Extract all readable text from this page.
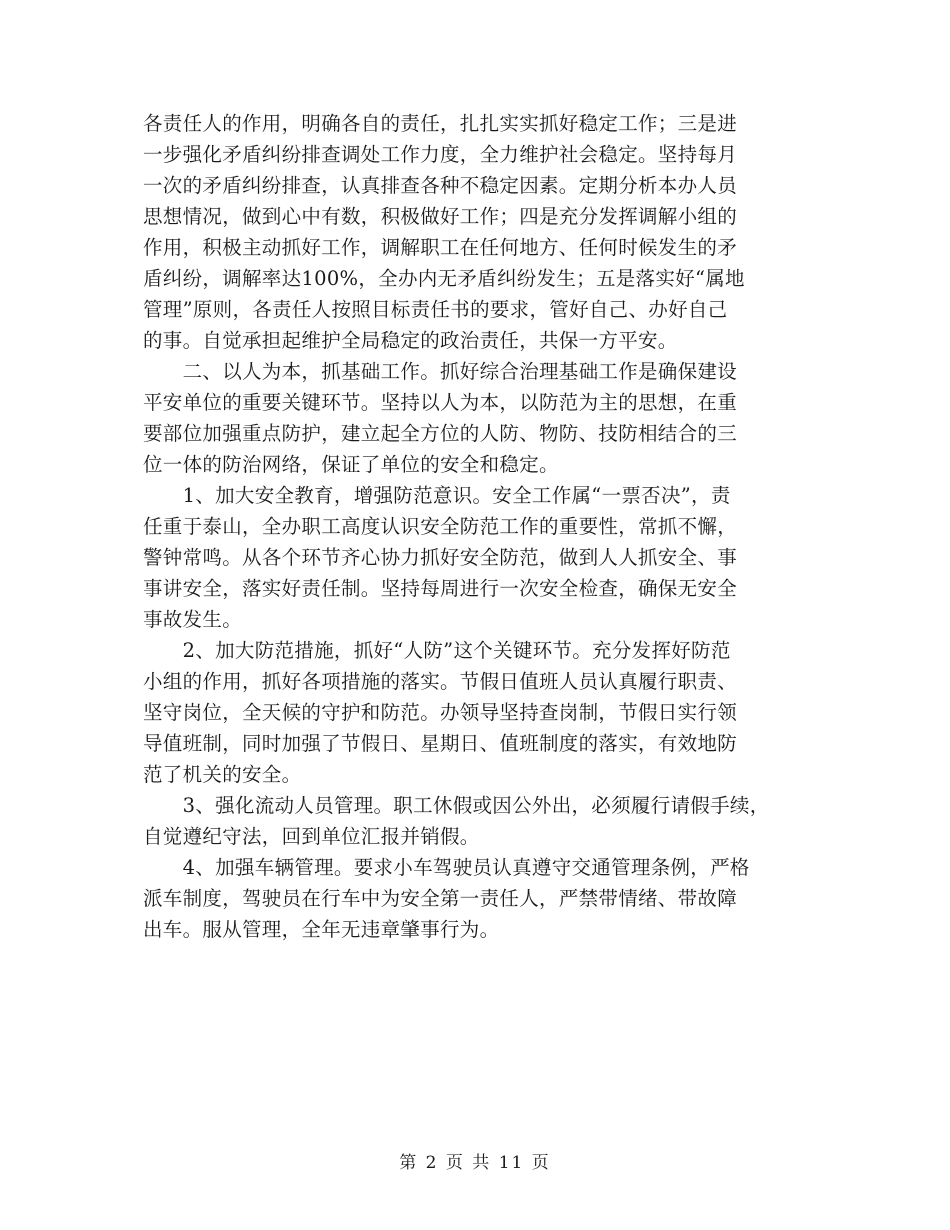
各责任人的作用，明确各自的责任，扎扎实实抓好稳定工作；三是进
一步强化矛盾纠纷排查调处工作力度，全力维护社会稳定。坚持每月
一次的矛盾纠纷排查，认真排查各种不稳定因素。定期分析本办人员
思想情况，做到心中有数，积极做好工作；四是充分发挥调解小组的
作用，积极主动抓好工作，调解职工在任何地方、任何时候发生的矛
盾纠纷，调解率达100%，全办内无矛盾纠纷发生；五是落实好“属地
管理”原则，各责任人按照目标责任书的要求，管好自己、办好自己
的事。自觉承担起维护全局稳定的政治责任，共保一方平安。
　　二、以人为本，抓基础工作。抓好综合治理基础工作是确保建设
平安单位的重要关键环节。坚持以人为本，以防范为主的思想，在重
要部位加强重点防护，建立起全方位的人防、物防、技防相结合的三
位一体的防治网络，保证了单位的安全和稳定。
　　1、加大安全教育，增强防范意识。安全工作属“一票否决”，责
任重于泰山，全办职工高度认识安全防范工作的重要性，常抓不懈，
警钟常鸣。从各个环节齐心协力抓好安全防范，做到人人抓安全、事
事讲安全，落实好责任制。坚持每周进行一次安全检查，确保无安全
事故发生。
　　2、加大防范措施，抓好“人防”这个关键环节。充分发挥好防范
小组的作用，抓好各项措施的落实。节假日值班人员认真履行职责、
坚守岗位，全天候的守护和防范。办领导坚持查岗制，节假日实行领
导值班制，同时加强了节假日、星期日、值班制度的落实，有效地防
范了机关的安全。
　　3、强化流动人员管理。职工休假或因公外出，必须履行请假手续，
自觉遵纪守法，回到单位汇报并销假。
　　4、加强车辆管理。要求小车驾驶员认真遵守交通管理条例，严格
派车制度，驾驶员在行车中为安全第一责任人，严禁带情绪、带故障
出车。服从管理，全年无违章肇事行为。
第 2 页 共 11 页
